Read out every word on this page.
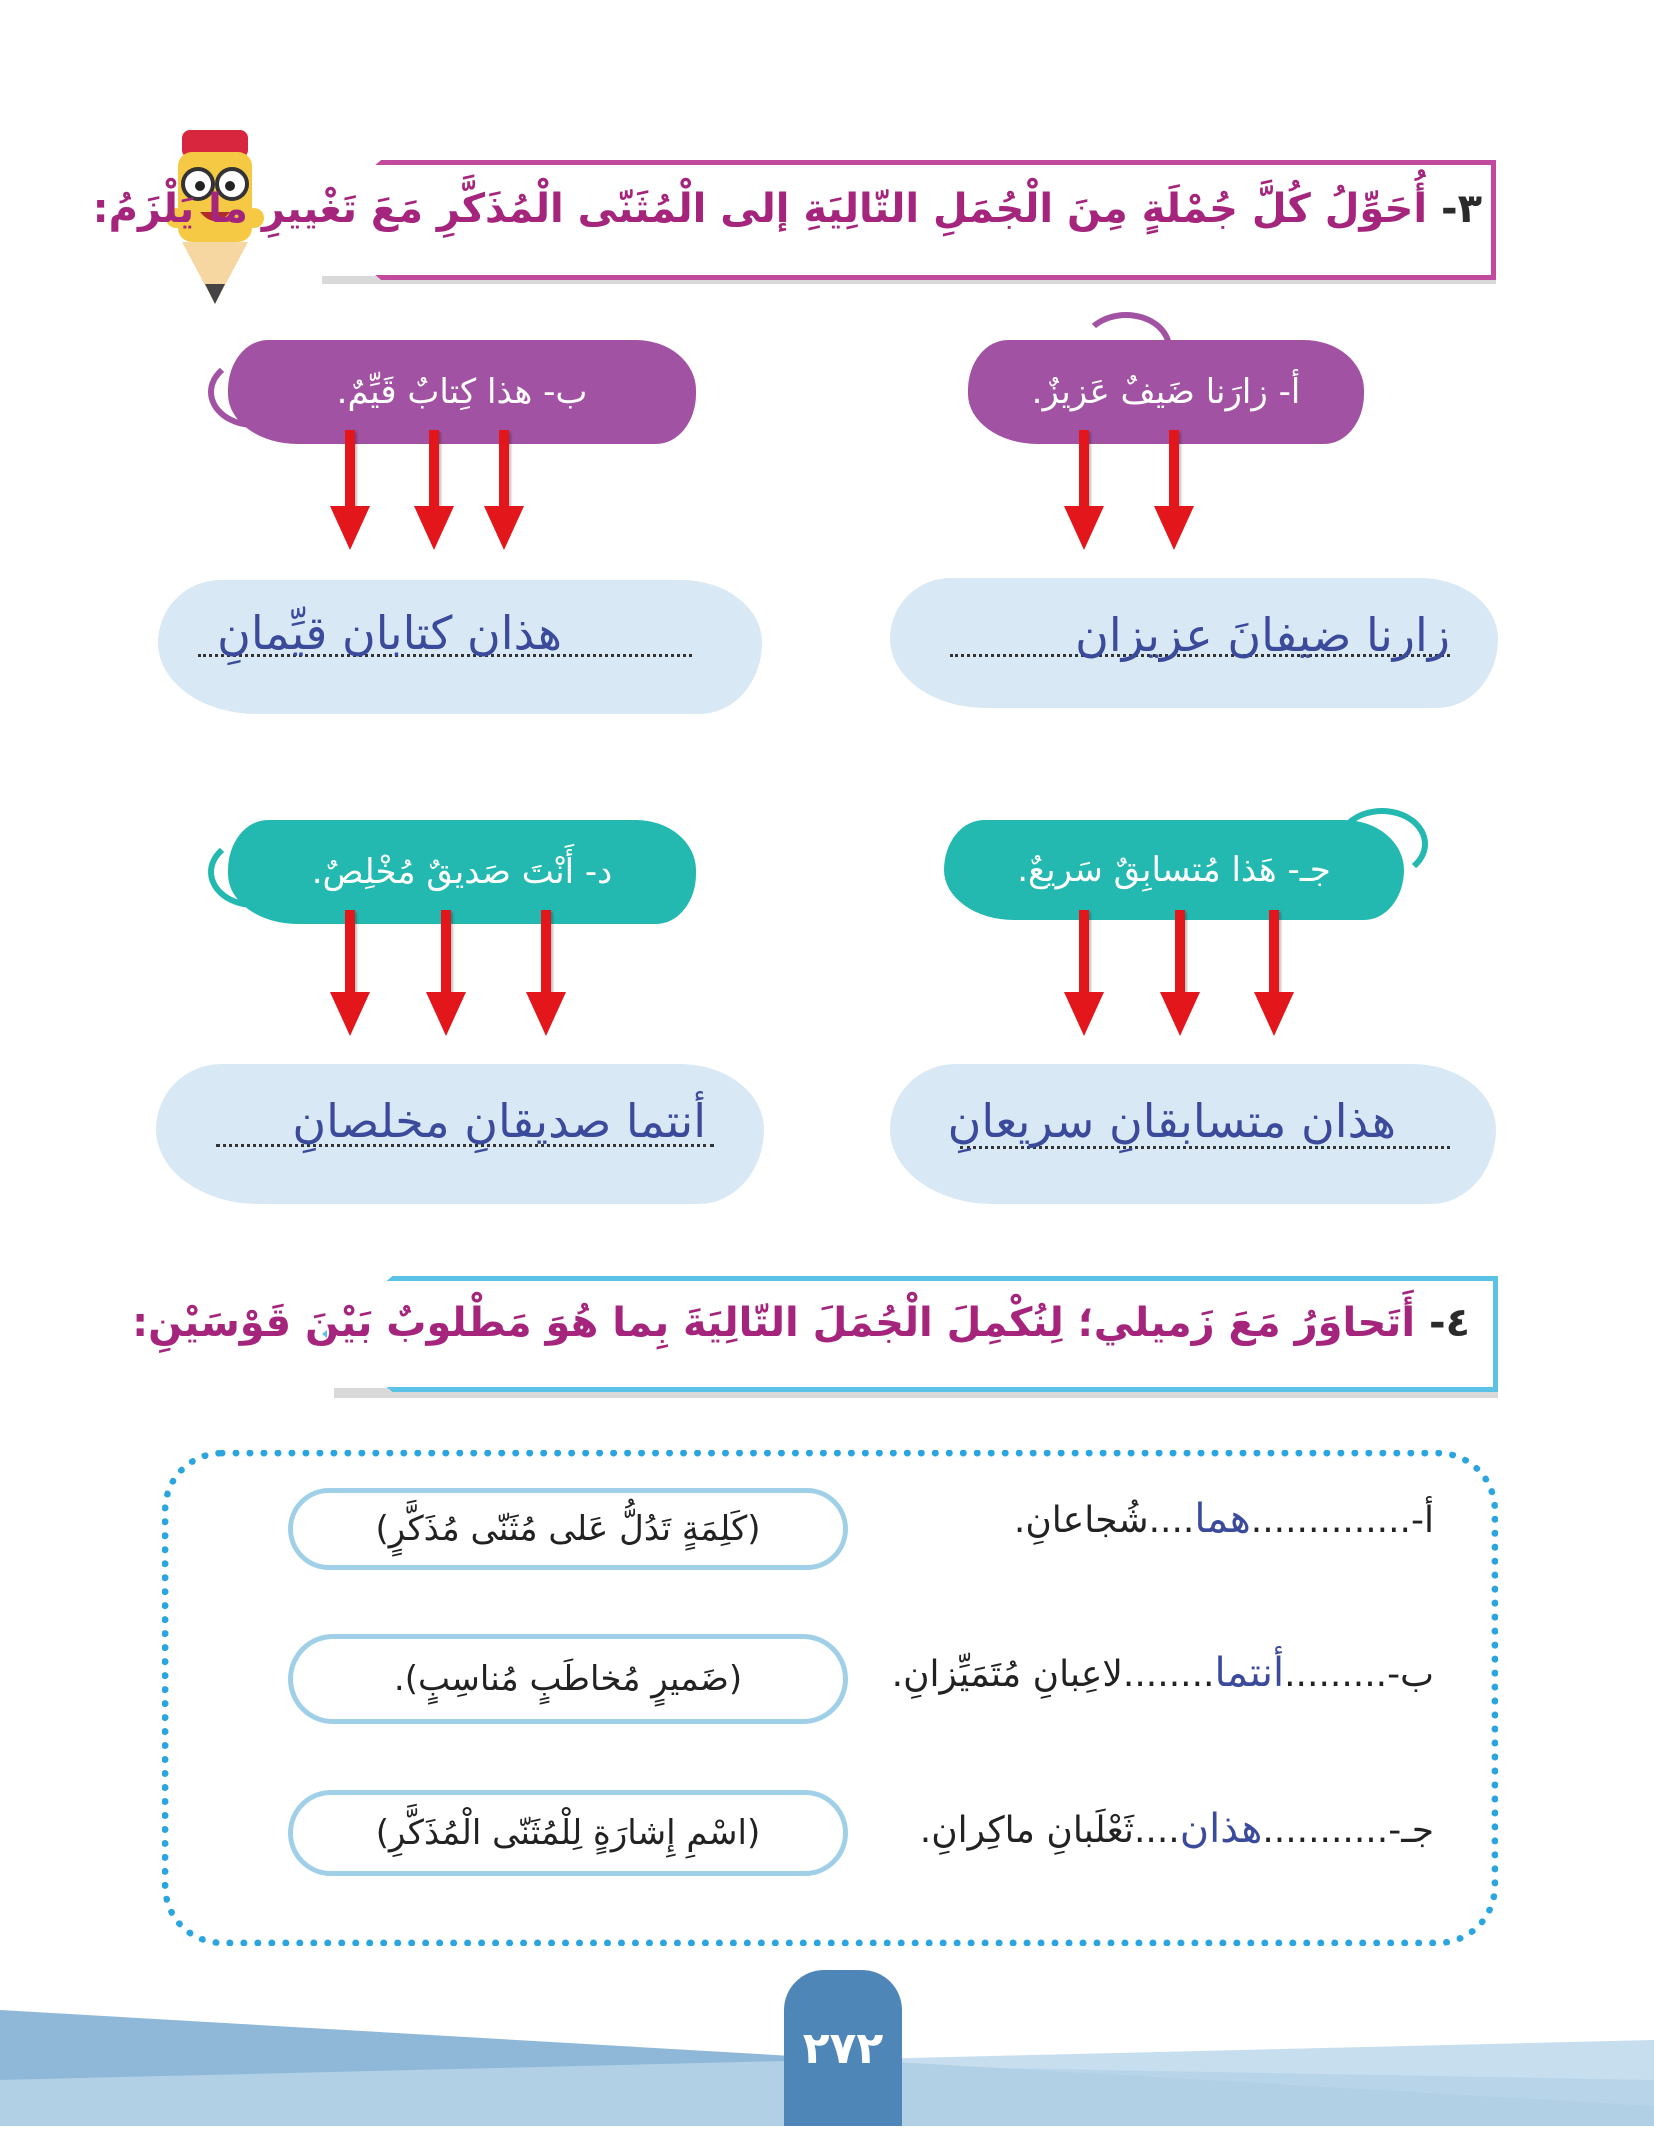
٣- أُحَوِّلُ كُلَّ جُمْلَةٍ مِنَ الْجُمَلِ التّالِيَةِ إلى الْمُثَنّى الْمُذَكَّرِ مَعَ تَغْييرِ ما يَلْزَمُ:
أ- زارَنا ضَيفٌ عَزيزٌ.
زارنا ضيفانَ عزيزان
ب- هذا كِتابٌ قَيِّمٌ.
هذان كتابان قيِّمانِ
جـ- هَذا مُتسابِقٌ سَريعٌ.
هذان متسابقانِ سريعانِ
د- أَنْتَ صَديقٌ مُخْلِصٌ.
أنتما صديقانِ مخلصانِ
٤- أَتَحاوَرُ مَعَ زَميلي؛ لِنُكْمِلَ الْجُمَلَ التّالِيَةَ بِما هُوَ مَطْلوبٌ بَيْنَ قَوْسَيْنِ:
أ-..............هما....شُجاعانِ.
(كَلِمَةٍ تَدُلُّ عَلى مُثَنّى مُذَكَّرٍ)
ب-.........أنتما........لاعِبانِ مُتَمَيِّزانِ.
(ضَميرٍ مُخاطَبٍ مُناسِبٍ).
جـ-...........هذان....ثَعْلَبانِ ماكِرانِ.
(اسْمِ إِشارَةٍ لِلْمُثَنّى الْمُذَكَّرِ)
٢٧٢
